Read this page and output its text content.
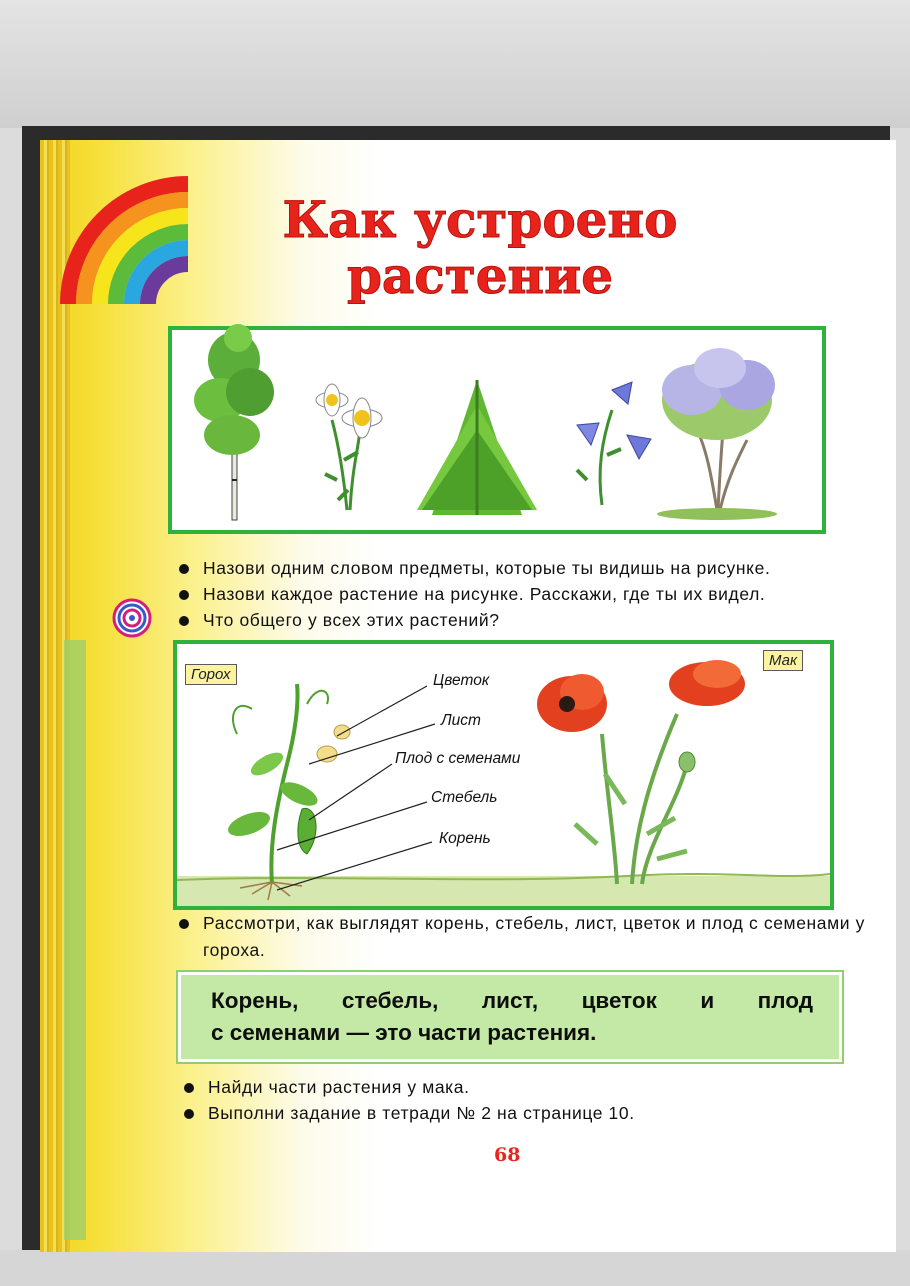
Как устроено
растение
Назови одним словом предметы, которые ты видишь на рисунке.
Назови каждое растение на рисунке. Расскажи, где ты их видел.
Что общего у всех этих растений?
Горох
Мак
Цветок
Лист
Плод с семенами
Стебель
Корень
Рассмотри, как выглядят корень, стебель, лист, цветок и плод с семенами у гороха.

Корень, стебель, лист, цветок и плод

с семенами — это части растения.

Найди части растения у мака.
Выполни задание в тетради № 2 на странице 10.
68
